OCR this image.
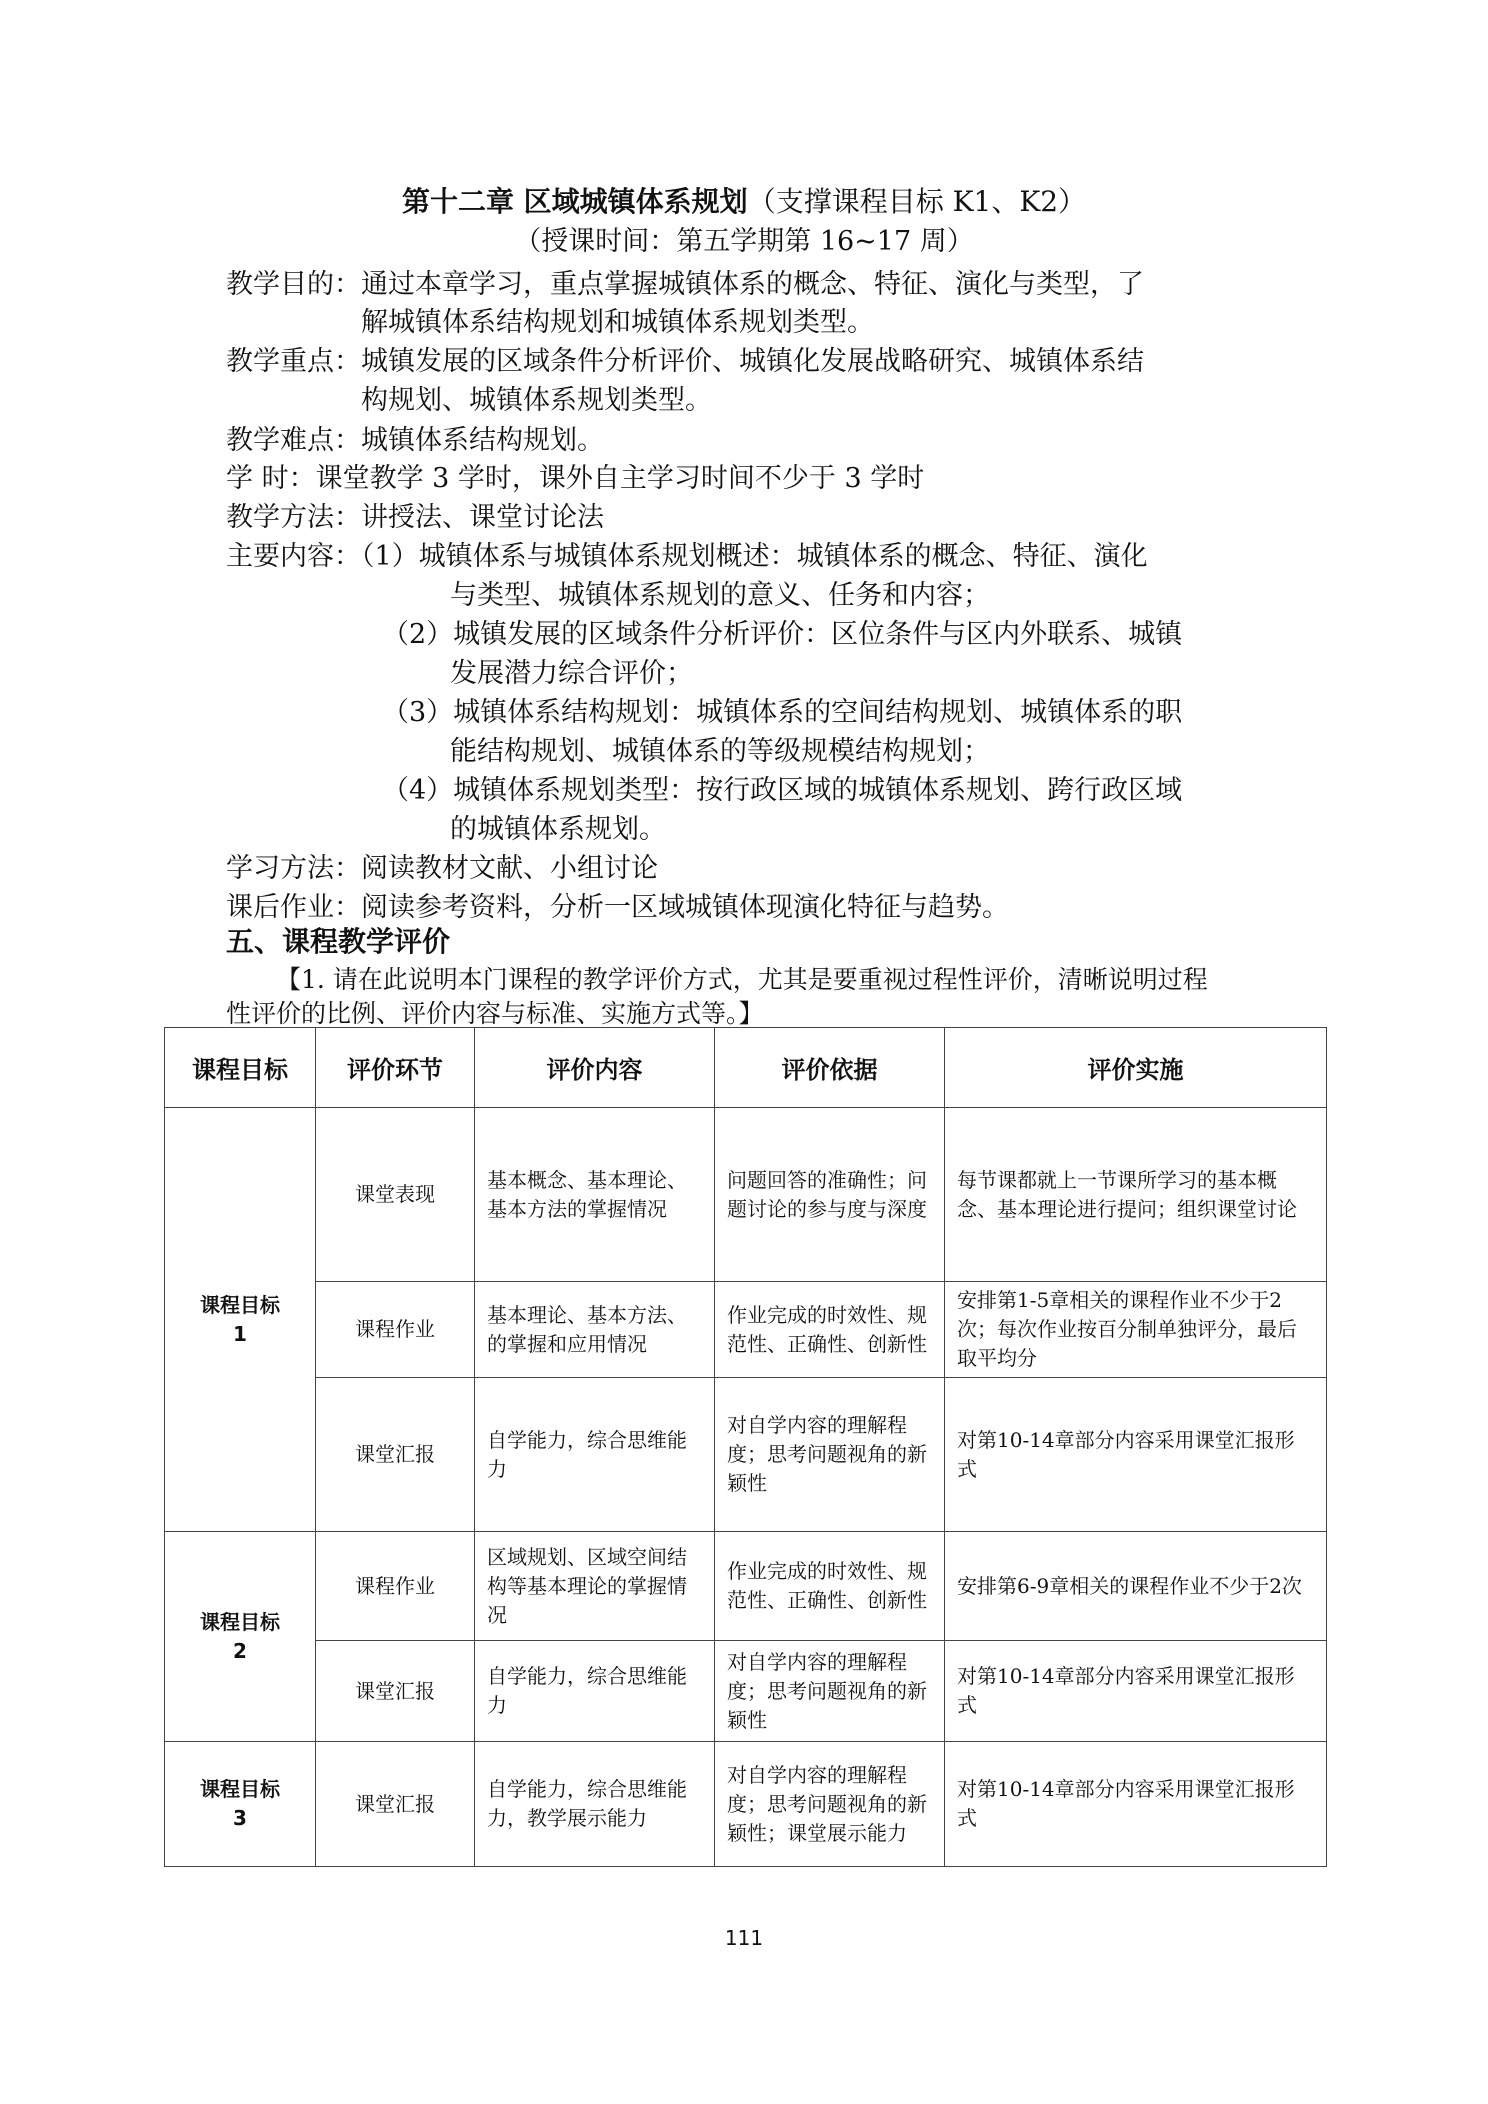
第十二章 区域城镇体系规划（支撑课程目标 K1、K2）
（授课时间：第五学期第 16~17 周）
教学目的：通过本章学习，重点掌握城镇体系的概念、特征、演化与类型，了
解城镇体系结构规划和城镇体系规划类型。
教学重点：城镇发展的区域条件分析评价、城镇化发展战略研究、城镇体系结
构规划、城镇体系规划类型。
教学难点：城镇体系结构规划。
学 时：课堂教学 3 学时，课外自主学习时间不少于 3 学时
教学方法：讲授法、课堂讨论法
主要内容：（1）城镇体系与城镇体系规划概述：城镇体系的概念、特征、演化
与类型、城镇体系规划的意义、任务和内容；
（2）城镇发展的区域条件分析评价：区位条件与区内外联系、城镇
发展潜力综合评价；
（3）城镇体系结构规划：城镇体系的空间结构规划、城镇体系的职
能结构规划、城镇体系的等级规模结构规划；
（4）城镇体系规划类型：按行政区域的城镇体系规划、跨行政区域
的城镇体系规划。
学习方法：阅读教材文献、小组讨论
课后作业：阅读参考资料，分析一区域城镇体现演化特征与趋势。
五、课程教学评价
【1. 请在此说明本门课程的教学评价方式，尤其是要重视过程性评价，清晰说明过程
性评价的比例、评价内容与标准、实施方式等。】
课程目标	评价环节	评价内容	评价依据	评价实施
课程目标
1	课堂表现	基本概念、基本理论、基本方法的掌握情况	问题回答的准确性；问题讨论的参与度与深度	每节课都就上一节课所学习的基本概念、基本理论进行提问；组织课堂讨论
	课程作业	基本理论、基本方法、的掌握和应用情况	作业完成的时效性、规范性、正确性、创新性	安排第1-5章相关的课程作业不少于2次；每次作业按百分制单独评分，最后取平均分
	课堂汇报	自学能力，综合思维能力	对自学内容的理解程度；思考问题视角的新颖性	对第10-14章部分内容采用课堂汇报形式
课程目标
2	课程作业	区域规划、区域空间结构等基本理论的掌握情况	作业完成的时效性、规范性、正确性、创新性	安排第6-9章相关的课程作业不少于2次
	课堂汇报	自学能力，综合思维能力	对自学内容的理解程度；思考问题视角的新颖性	对第10-14章部分内容采用课堂汇报形式
课程目标
3	课堂汇报	自学能力，综合思维能力，教学展示能力	对自学内容的理解程度；思考问题视角的新颖性；课堂展示能力	对第10-14章部分内容采用课堂汇报形式
111
